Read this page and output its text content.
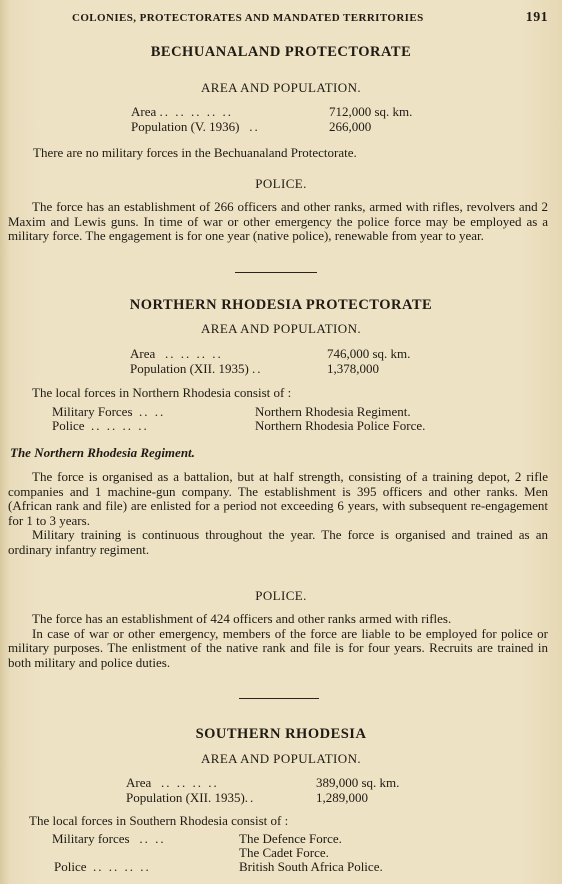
COLONIES, PROTECTORATES AND MANDATED TERRITORIES	191
BECHUANALAND PROTECTORATE
AREA AND POPULATION.
Area .. .. .. .. ..	712,000 sq. km.
Population (V. 1936) ..	266,000
There are no military forces in the Bechuanaland Protectorate.
POLICE.

The force has an establishment of 266 officers and other ranks, armed with rifles, revolvers and 2 Maxim and Lewis guns. In time of war or other emergency the police force may be employed as a military force. The engagement is for one year (native police), renewable from year to year.

NORTHERN RHODESIA PROTECTORATE
AREA AND POPULATION.
Area .. .. .. ..	746,000 sq. km.
Population (XII. 1935) ..	1,378,000
The local forces in Northern Rhodesia consist of :
Military Forces .. ..	Northern Rhodesia Regiment.
Police .. .. .. ..	Northern Rhodesia Police Force.
The Northern Rhodesia Regiment.

The force is organised as a battalion, but at half strength, consisting of a training depot, 2 rifle companies and 1 machine-gun company. The establishment is 395 officers and other ranks. Men (African rank and file) are enlisted for a period not exceeding 6 years, with subsequent re-engagement for 1 to 3 years.

Military training is continuous throughout the year. The force is organised and trained as an ordinary infantry regiment.

POLICE.

The force has an establishment of 424 officers and other ranks armed with rifles.

In case of war or other emergency, members of the force are liable to be employed for police or military purposes. The enlistment of the native rank and file is for four years. Recruits are trained in both military and police duties.

SOUTHERN RHODESIA
AREA AND POPULATION.
Area .. .. .. ..	389,000 sq. km.
Population (XII. 1935)..	1,289,000
The local forces in Southern Rhodesia consist of :
Military forces .. ..	The Defence Force.
The Cadet Force.
Police .. .. .. ..	British South Africa Police.
